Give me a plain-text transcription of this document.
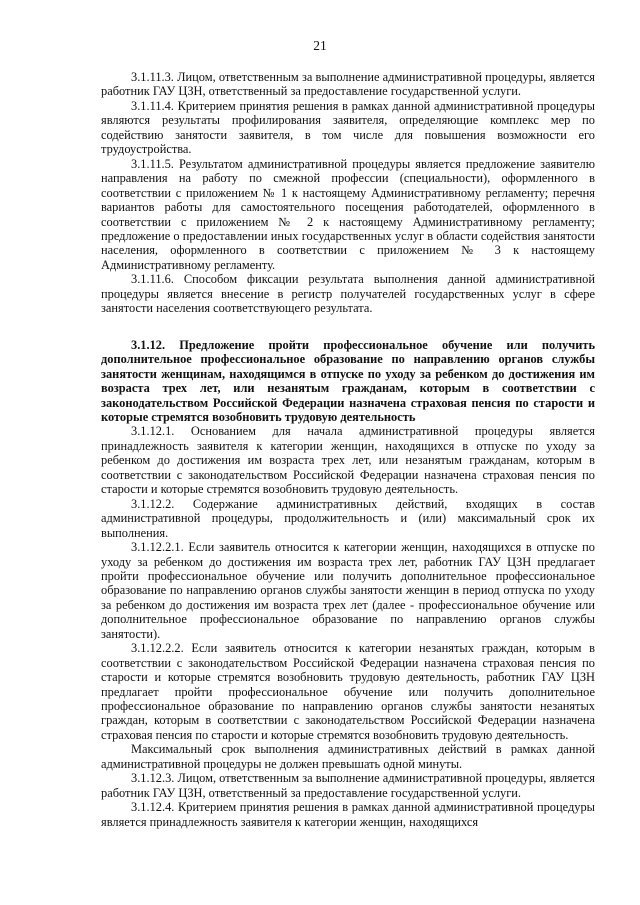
21

3.1.11.3. Лицом, ответственным за выполнение административной процедуры, является работник ГАУ ЦЗН, ответственный за предоставление государственной услуги.

3.1.11.4. Критерием принятия решения в рамках данной административной процедуры являются результаты профилирования заявителя, определяющие комплекс мер по содействию занятости заявителя, в том числе для повышения возможности его трудоустройства.

3.1.11.5. Результатом административной процедуры является предложение заявителю направления на работу по смежной профессии (специальности), оформленного в соответствии с приложением № 1 к настоящему Административному регламенту; перечня вариантов работы для самостоятельного посещения работодателей, оформленного в соответствии с приложением № 2 к настоящему Административному регламенту; предложение о предоставлении иных государственных услуг в области содействия занятости населения, оформленного в соответствии с приложением № 3 к настоящему Административному регламенту.

3.1.11.6. Способом фиксации результата выполнения данной административной процедуры является внесение в регистр получателей государственных услуг в сфере занятости населения соответствующего результата.

3.1.12. Предложение пройти профессиональное обучение или получить дополнительное профессиональное образование по направлению органов службы занятости женщинам, находящимся в отпуске по уходу за ребенком до достижения им возраста трех лет, или незанятым гражданам, которым в соответствии с законодательством Российской Федерации назначена страховая пенсия по старости и которые стремятся возобновить трудовую деятельность

3.1.12.1. Основанием для начала административной процедуры является принадлежность заявителя к категории женщин, находящихся в отпуске по уходу за ребенком до достижения им возраста трех лет, или незанятым гражданам, которым в соответствии с законодательством Российской Федерации назначена страховая пенсия по старости и которые стремятся возобновить трудовую деятельность.

3.1.12.2. Содержание административных действий, входящих в состав административной процедуры, продолжительность и (или) максимальный срок их выполнения.

3.1.12.2.1. Если заявитель относится к категории женщин, находящихся в отпуске по уходу за ребенком до достижения им возраста трех лет, работник ГАУ ЦЗН предлагает пройти профессиональное обучение или получить дополнительное профессиональное образование по направлению органов службы занятости женщин в период отпуска по уходу за ребенком до достижения им возраста трех лет (далее - профессиональное обучение или дополнительное профессиональное образование по направлению органов службы занятости).

3.1.12.2.2. Если заявитель относится к категории незанятых граждан, которым в соответствии с законодательством Российской Федерации назначена страховая пенсия по старости и которые стремятся возобновить трудовую деятельность, работник ГАУ ЦЗН предлагает пройти профессиональное обучение или получить дополнительное профессиональное образование по направлению органов службы занятости незанятых граждан, которым в соответствии с законодательством Российской Федерации назначена страховая пенсия по старости и которые стремятся возобновить трудовую деятельность.

Максимальный срок выполнения административных действий в рамках данной административной процедуры не должен превышать одной минуты.

3.1.12.3. Лицом, ответственным за выполнение административной процедуры, является работник ГАУ ЦЗН, ответственный за предоставление государственной услуги.

3.1.12.4. Критерием принятия решения в рамках данной административной процедуры является принадлежность заявителя к категории женщин, находящихся
